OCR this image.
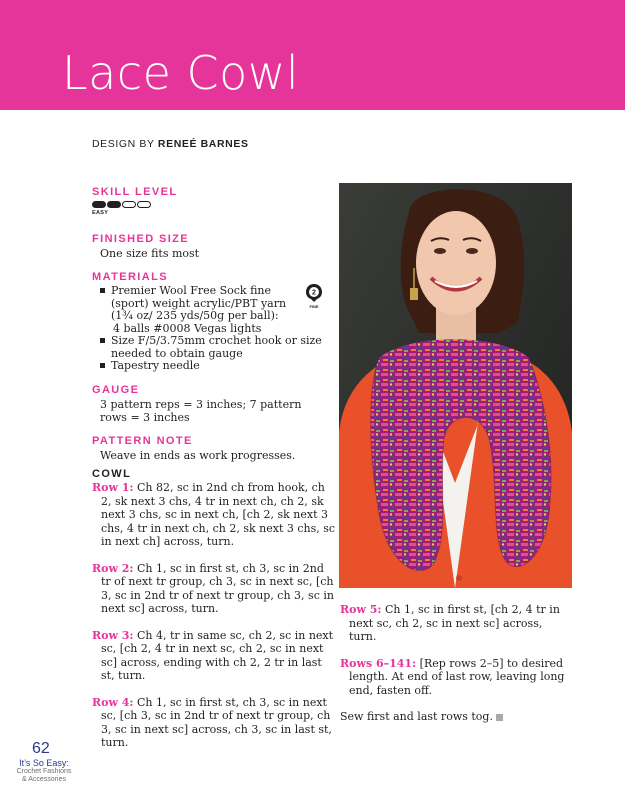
Lace Cowl
DESIGN BY RENEÉ BARNES
SKILL LEVEL
EASY
FINISHED SIZE
One size fits most
MATERIALS
Premier Wool Free Sock fine (sport) weight acrylic/PBT yarn (1¾ oz/ 235 yds/50g per ball):
4 balls #0008 Vegas lights
Size F/5/3.75mm crochet hook or size needed to obtain gauge
Tapestry needle
GAUGE
3 pattern reps = 3 inches; 7 pattern rows = 3 inches
PATTERN NOTE
Weave in ends as work progresses.
2
FINE
COWL

Row 1: Ch 82, sc in 2nd ch from hook, ch 2, sk next 3 chs, 4 tr in next ch, ch 2, sk next 3 chs, sc in next ch, [ch 2, sk next 3 chs, 4 tr in next ch, ch 2, sk next 3 chs, sc in next ch] across, turn.

Row 2: Ch 1, sc in first st, ch 3, sc in 2nd tr of next tr group, ch 3, sc in next sc, [ch 3, sc in 2nd tr of next tr group, ch 3, sc in next sc] across, turn.

Row 3: Ch 4, tr in same sc, ch 2, sc in next sc, [ch 2, 4 tr in next sc, ch 2, sc in next sc] across, ending with ch 2, 2 tr in last st, turn.

Row 4: Ch 1, sc in first st, ch 3, sc in next sc, [ch 3, sc in 2nd tr of next tr group, ch 3, sc in next sc] across, ch 3, sc in last st, turn.

Row 5: Ch 1, sc in first st, [ch 2, 4 tr in next sc, ch 2, sc in next sc] across, turn.

Rows 6–141: [Rep rows 2–5] to desired length. At end of last row, leaving long end, fasten off.

Sew first and last rows tog.

62
It’s So Easy:
Crochet Fashions & Accessories
